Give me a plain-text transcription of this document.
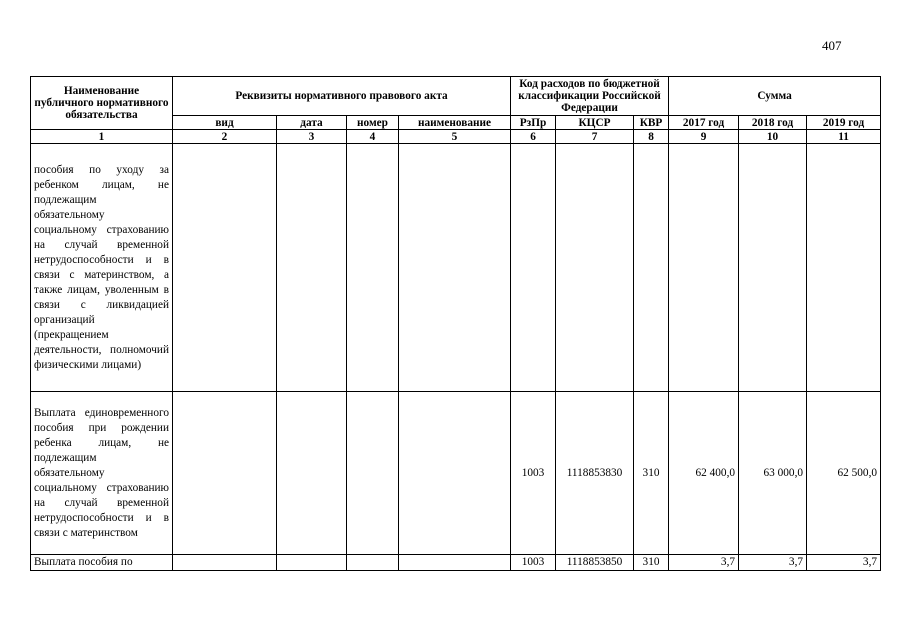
407
Наименование публичного нормативного обязательства	Реквизиты нормативного правового акта				Код расходов по бюджетной классификации Российской Федерации			Сумма		
	вид	дата	номер	наименование	РзПр	КЦСР	КВР	2017 год	2018 год	2019 год
1	2	3	4	5	6	7	8	9	10	11
пособия по уходу за ребенком лицам, не подлежащим обязательному социальному страхованию на случай временной нетрудоспособности и в связи с материнством, а также лицам, уволенным в связи с ликвидацией организаций (прекращением деятельности, полномочий физическими лицами)										
Выплата единовременного пособия при рождении ребенка лицам, не подлежащим обязательному социальному страхованию на случай временной нетрудоспособности и в связи с материнством					1003	1118853830	310	62 400,0	63 000,0	62 500,0
Выплата пособия по					1003	1118853850	310	3,7	3,7	3,7
